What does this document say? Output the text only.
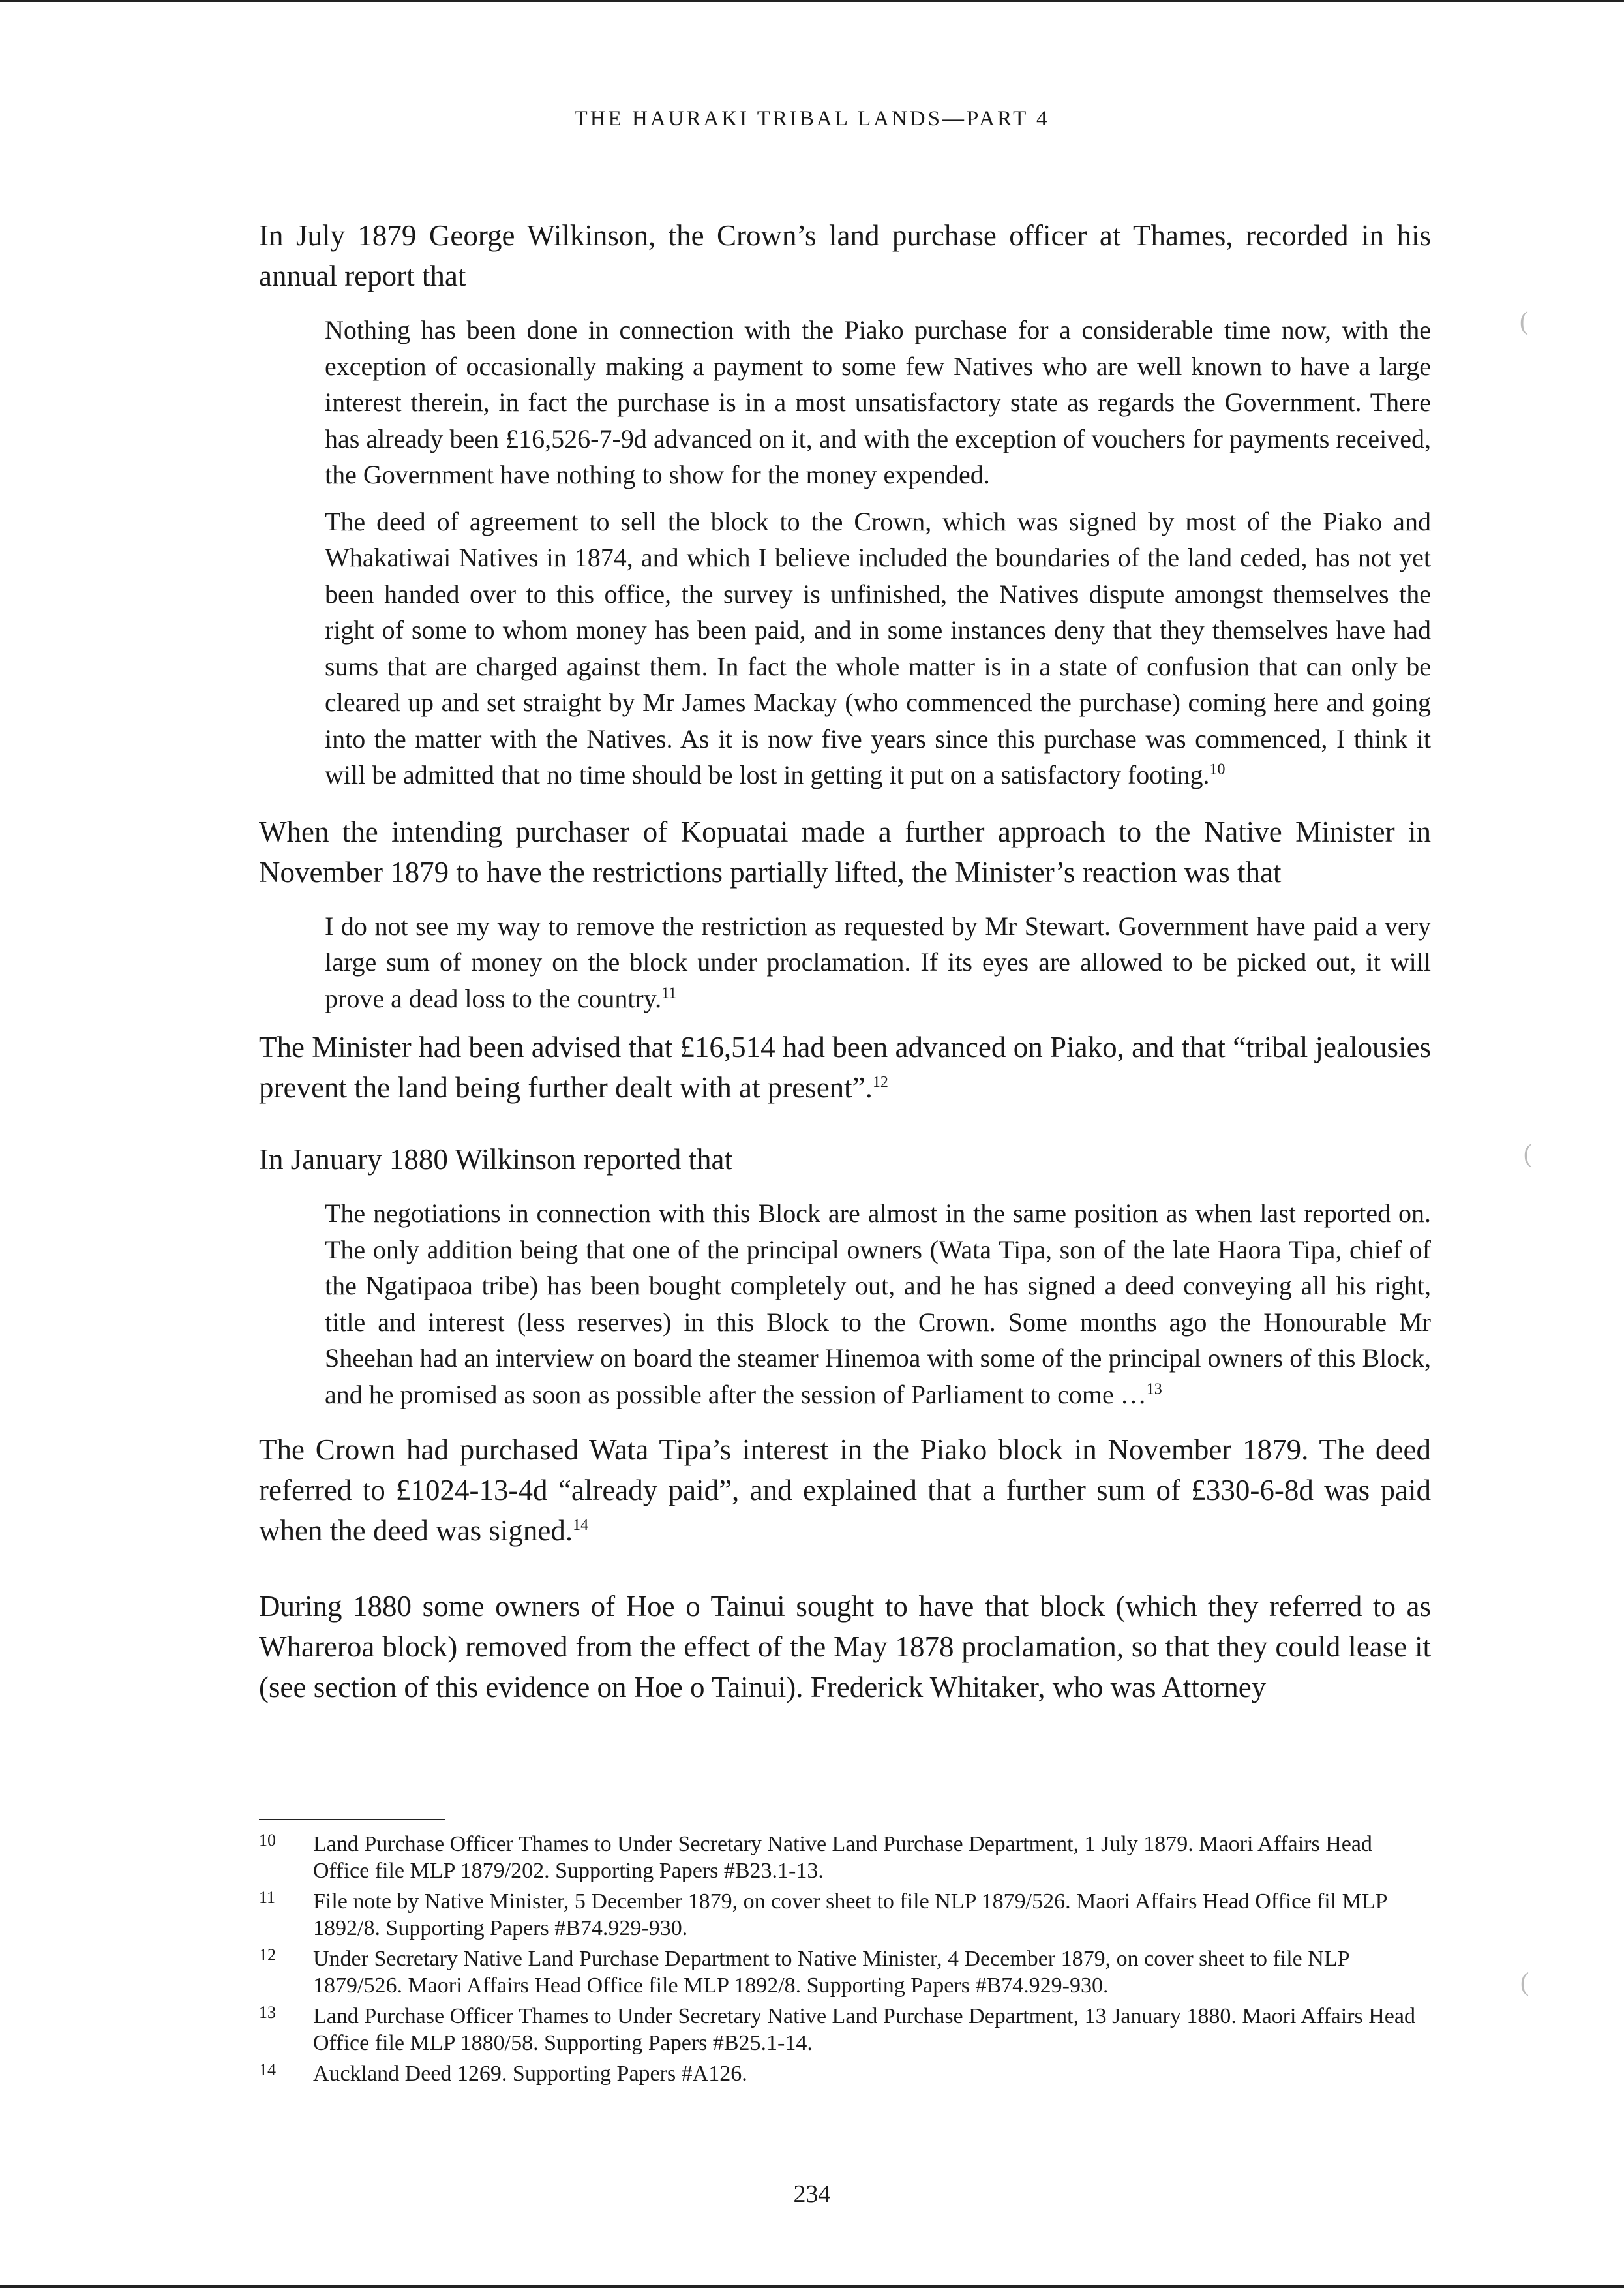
THE HAURAKI TRIBAL LANDS—PART 4

In July 1879 George Wilkinson, the Crown’s land purchase officer at Thames, recorded in his annual report that

Nothing has been done in connection with the Piako purchase for a considerable time now, with the exception of occasionally making a payment to some few Natives who are well known to have a large interest therein, in fact the purchase is in a most unsatisfactory state as regards the Government. There has already been £16,526-7-9d advanced on it, and with the exception of vouchers for payments received, the Government have nothing to show for the money expended.

The deed of agreement to sell the block to the Crown, which was signed by most of the Piako and Whakatiwai Natives in 1874, and which I believe included the boundaries of the land ceded, has not yet been handed over to this office, the survey is unfinished, the Natives dispute amongst themselves the right of some to whom money has been paid, and in some instances deny that they themselves have had sums that are charged against them. In fact the whole matter is in a state of confusion that can only be cleared up and set straight by Mr James Mackay (who commenced the purchase) coming here and going into the matter with the Natives. As it is now five years since this purchase was commenced, I think it will be admitted that no time should be lost in getting it put on a satisfactory footing.$^{10}$

When the intending purchaser of Kopuatai made a further approach to the Native Minister in November 1879 to have the restrictions partially lifted, the Minister’s reaction was that

I do not see my way to remove the restriction as requested by Mr Stewart. Government have paid a very large sum of money on the block under proclamation. If its eyes are allowed to be picked out, it will prove a dead loss to the country.$^{11}$

The Minister had been advised that £16,514 had been advanced on Piako, and that “tribal jealousies prevent the land being further dealt with at present”.$^{12}$

In January 1880 Wilkinson reported that

The negotiations in connection with this Block are almost in the same position as when last reported on. The only addition being that one of the principal owners (Wata Tipa, son of the late Haora Tipa, chief of the Ngatipaoa tribe) has been bought completely out, and he has signed a deed conveying all his right, title and interest (less reserves) in this Block to the Crown. Some months ago the Honourable Mr Sheehan had an interview on board the steamer Hinemoa with some of the principal owners of this Block, and he promised as soon as possible after the session of Parliament to come …$^{13}$

The Crown had purchased Wata Tipa’s interest in the Piako block in November 1879. The deed referred to £1024-13-4d “already paid”, and explained that a further sum of £330-6-8d was paid when the deed was signed.$^{14}$

During 1880 some owners of Hoe o Tainui sought to have that block (which they referred to as Whareroa block) removed from the effect of the May 1878 proclamation, so that they could lease it (see section of this evidence on Hoe o Tainui). Frederick Whitaker, who was Attorney

10 Land Purchase Officer Thames to Under Secretary Native Land Purchase Department, 1 July 1879. Maori Affairs Head Office file MLP 1879/202. Supporting Papers #B23.1-13.
11 File note by Native Minister, 5 December 1879, on cover sheet to file NLP 1879/526. Maori Affairs Head Office fil MLP 1892/8. Supporting Papers #B74.929-930.
12 Under Secretary Native Land Purchase Department to Native Minister, 4 December 1879, on cover sheet to file NLP 1879/526. Maori Affairs Head Office file MLP 1892/8. Supporting Papers #B74.929-930.
13 Land Purchase Officer Thames to Under Secretary Native Land Purchase Department, 13 January 1880. Maori Affairs Head Office file MLP 1880/58. Supporting Papers #B25.1-14.
14 Auckland Deed 1269. Supporting Papers #A126.
234
(
(
(
